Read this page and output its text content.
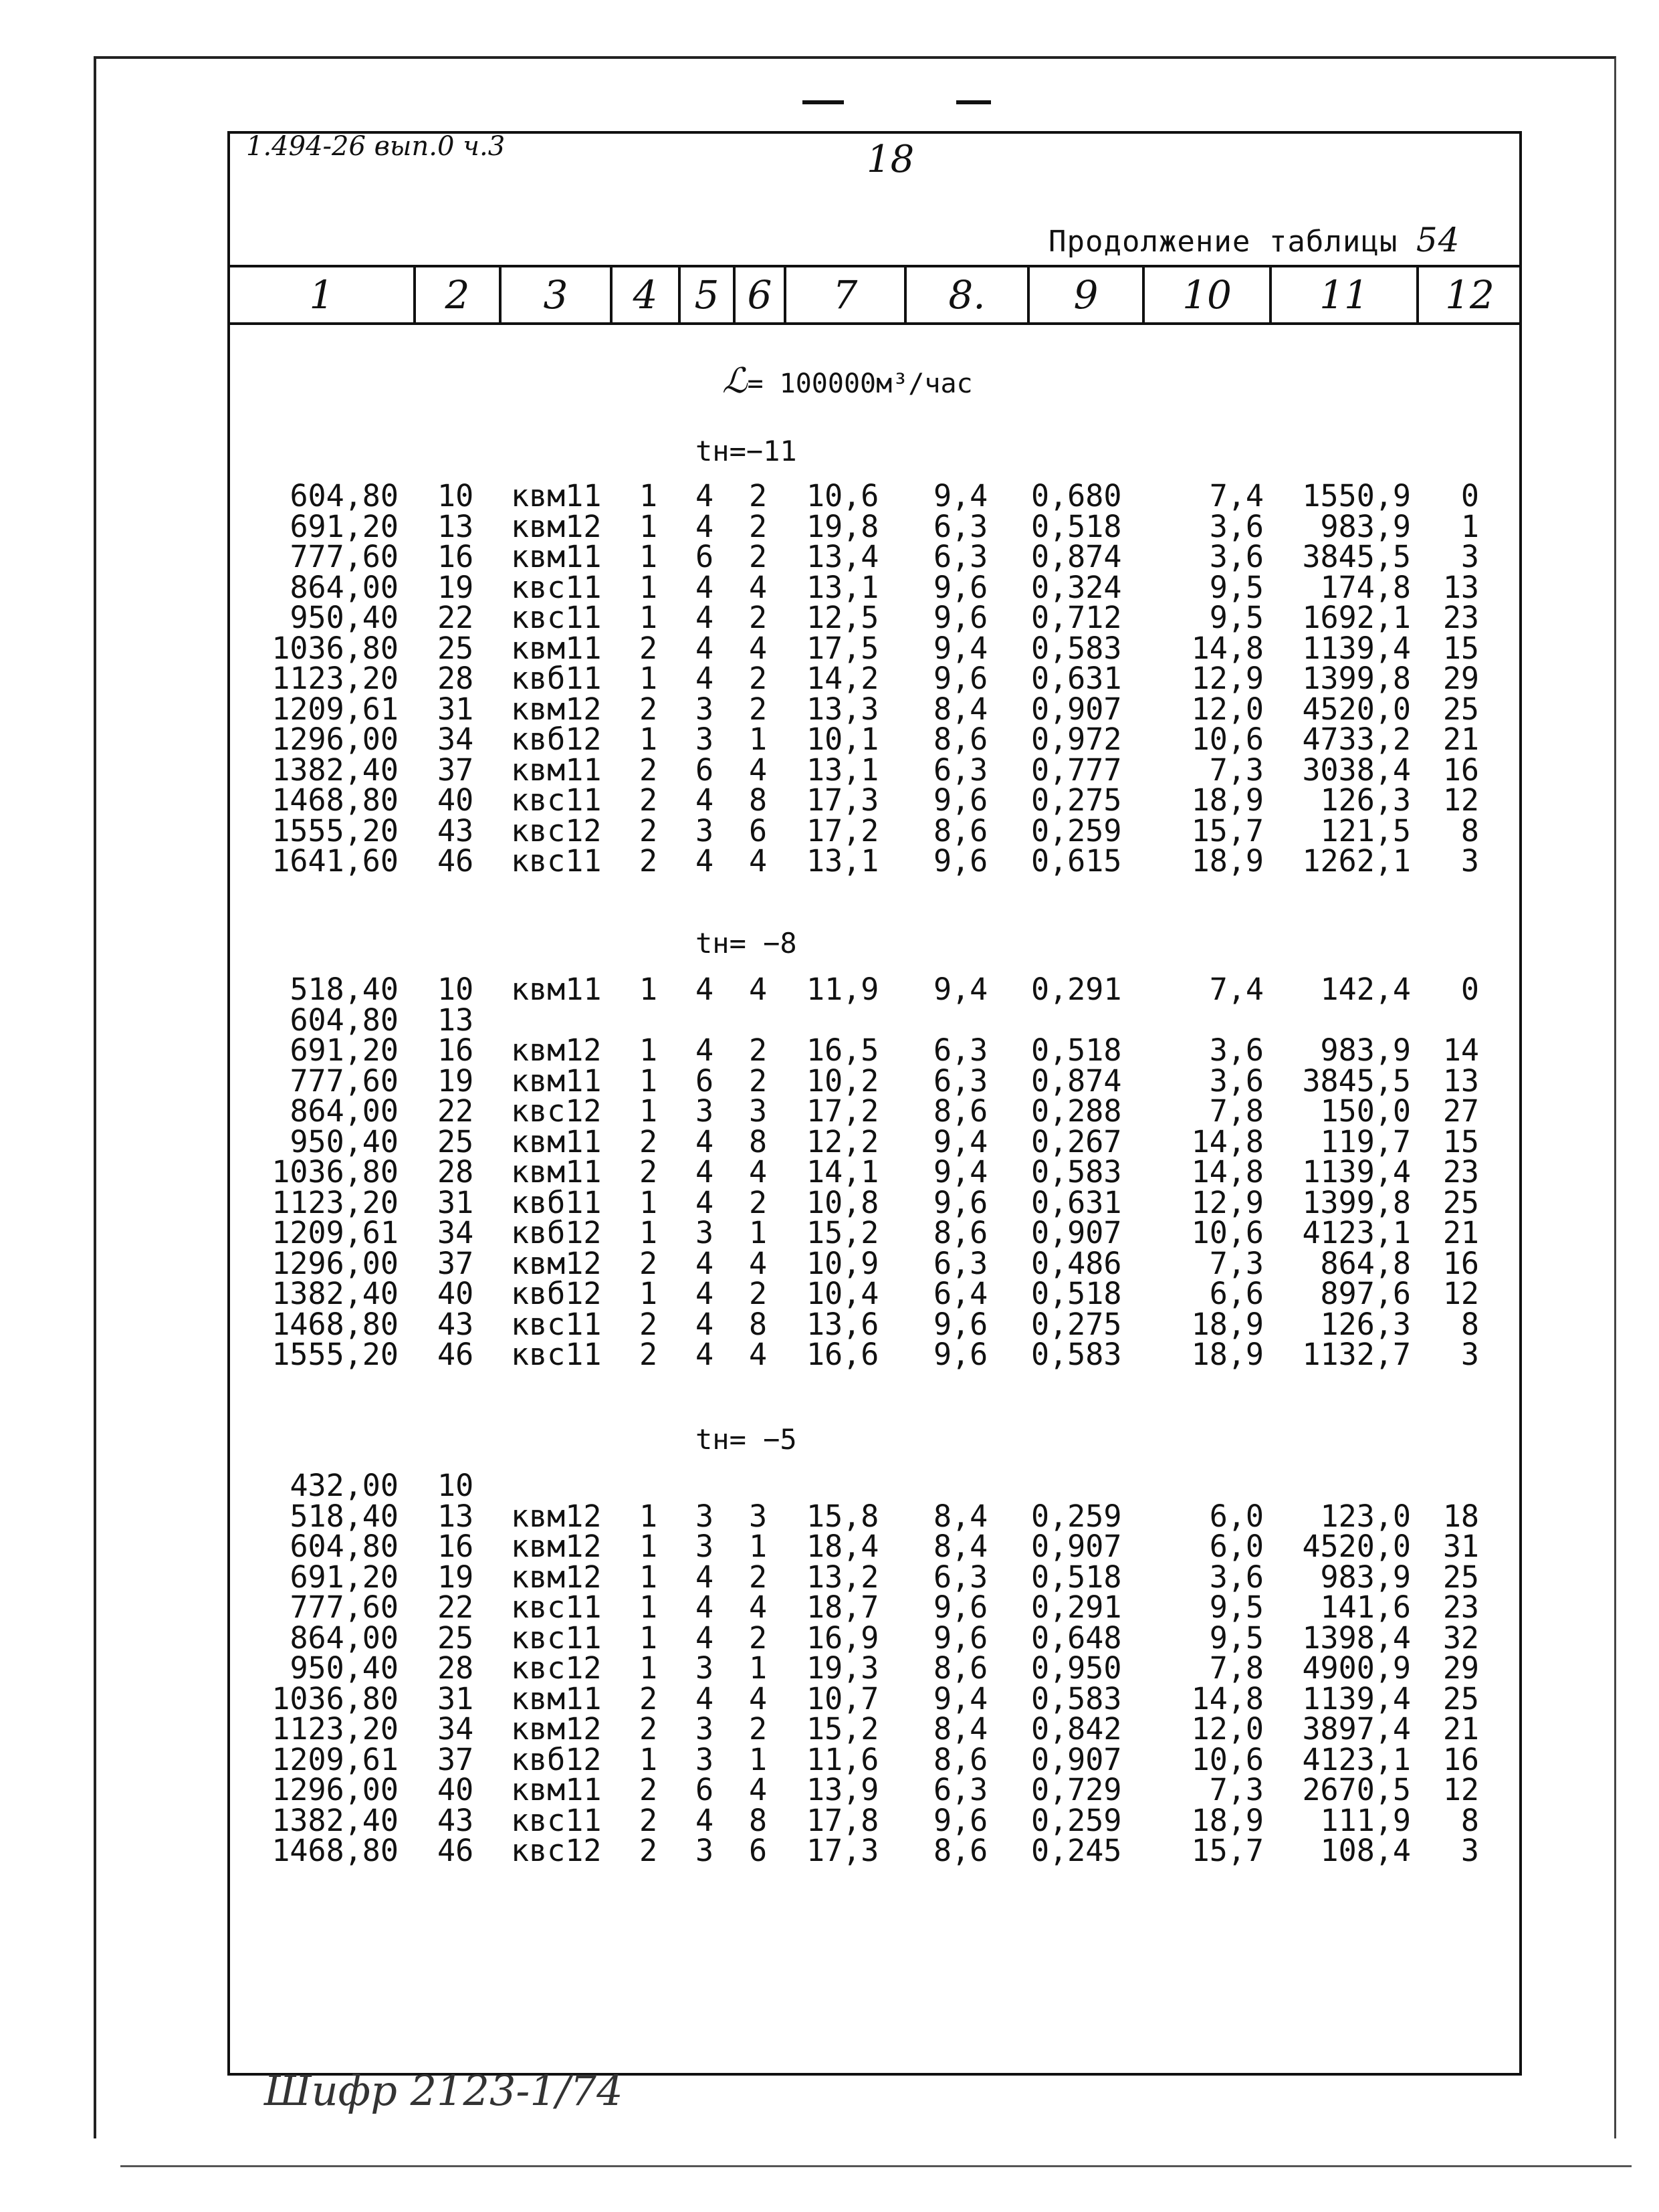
1.494-26 вып.0 ч.3	18
Продолжение таблицы 54
1	2	3	4 5 6	7	8.	9	10	11	12
ℒ= 100000м³/час
tн=−11
604,80 10 квм11 1 4 2 10,6 9,4 0,680	7,4 1550,9 0
691,20 13 квм12 1 4 2 19,8 6,3 0,518	3,6 983,9 1
777,60 16 квм11 1 6 2 13,4 6,3 0,874	3,6 3845,5 3
864,00 19 квс11 1 4 4 13,1 9,6 0,324	9,5 174,8 13
950,40 22 квс11 1 4 2 12,5 9,6 0,712	9,5 1692,1 23
1036,80 25 квм11 2 4 4 17,5 9,4 0,583 14,8 1139,4 15
1123,20 28 квб11 1 4 2 14,2 9,6 0,631 12,9 1399,8 29
1209,61 31 квм12 2 3 2 13,3 8,4 0,907 12,0 4520,0 25
1296,00 34 квб12 1 3 1 10,1 8,6 0,972 10,6 4733,2 21
1382,40 37 квм11 2 6 4 13,1 6,3 0,777	7,3 3038,4 16
1468,80 40 квс11 2 4 8 17,3 9,6 0,275 18,9 126,3 12
1555,20 43 квс12 2 3 6 17,2 8,6 0,259 15,7 121,5 8
1641,60 46 квс11 2 4 4 13,1 9,6 0,615 18,9 1262,1 3
tн= −8
518,40 10 квм11 1 4 4 11,9 9,4 0,291	7,4 142,4 0
604,80 13
691,20 16 квм12 1 4 2 16,5 6,3 0,518	3,6 983,9 14
777,60 19 квм11 1 6 2 10,2 6,3 0,874	3,6 3845,5 13
864,00 22 квс12 1 3 3 17,2 8,6 0,288	7,8 150,0 27
950,40 25 квм11 2 4 8 12,2 9,4 0,267 14,8 119,7 15
1036,80 28 квм11 2 4 4 14,1 9,4 0,583 14,8 1139,4 23
1123,20 31 квб11 1 4 2 10,8 9,6 0,631 12,9 1399,8 25
1209,61 34 квб12 1 3 1 15,2 8,6 0,907 10,6 4123,1 21
1296,00 37 квм12 2 4 4 10,9 6,3 0,486	7,3 864,8 16
1382,40 40 квб12 1 4 2 10,4 6,4 0,518	6,6 897,6 12
1468,80 43 квс11 2 4 8 13,6 9,6 0,275 18,9 126,3 8
1555,20 46 квс11 2 4 4 16,6 9,6 0,583 18,9 1132,7 3
tн= −5
432,00 10
518,40 13 квм12 1 3 3 15,8 8,4 0,259	6,0 123,0 18
604,80 16 квм12 1 3 1 18,4 8,4 0,907	6,0 4520,0 31
691,20 19 квм12 1 4 2 13,2 6,3 0,518	3,6 983,9 25
777,60 22 квс11 1 4 4 18,7 9,6 0,291	9,5 141,6 23
864,00 25 квс11 1 4 2 16,9 9,6 0,648	9,5 1398,4 32
950,40 28 квс12 1 3 1 19,3 8,6 0,950	7,8 4900,9 29
1036,80 31 квм11 2 4 4 10,7 9,4 0,583 14,8 1139,4 25
1123,20 34 квм12 2 3 2 15,2 8,4 0,842 12,0 3897,4 21
1209,61 37 квб12 1 3 1 11,6 8,6 0,907 10,6 4123,1 16
1296,00 40 квм11 2 6 4 13,9 6,3 0,729	7,3 2670,5 12
1382,40 43 квс11 2 4 8 17,8 9,6 0,259 18,9 111,9 8
1468,80 46 квс12 2 3 6 17,3 8,6 0,245 15,7 108,4 3
Шифр 2123-1/74
